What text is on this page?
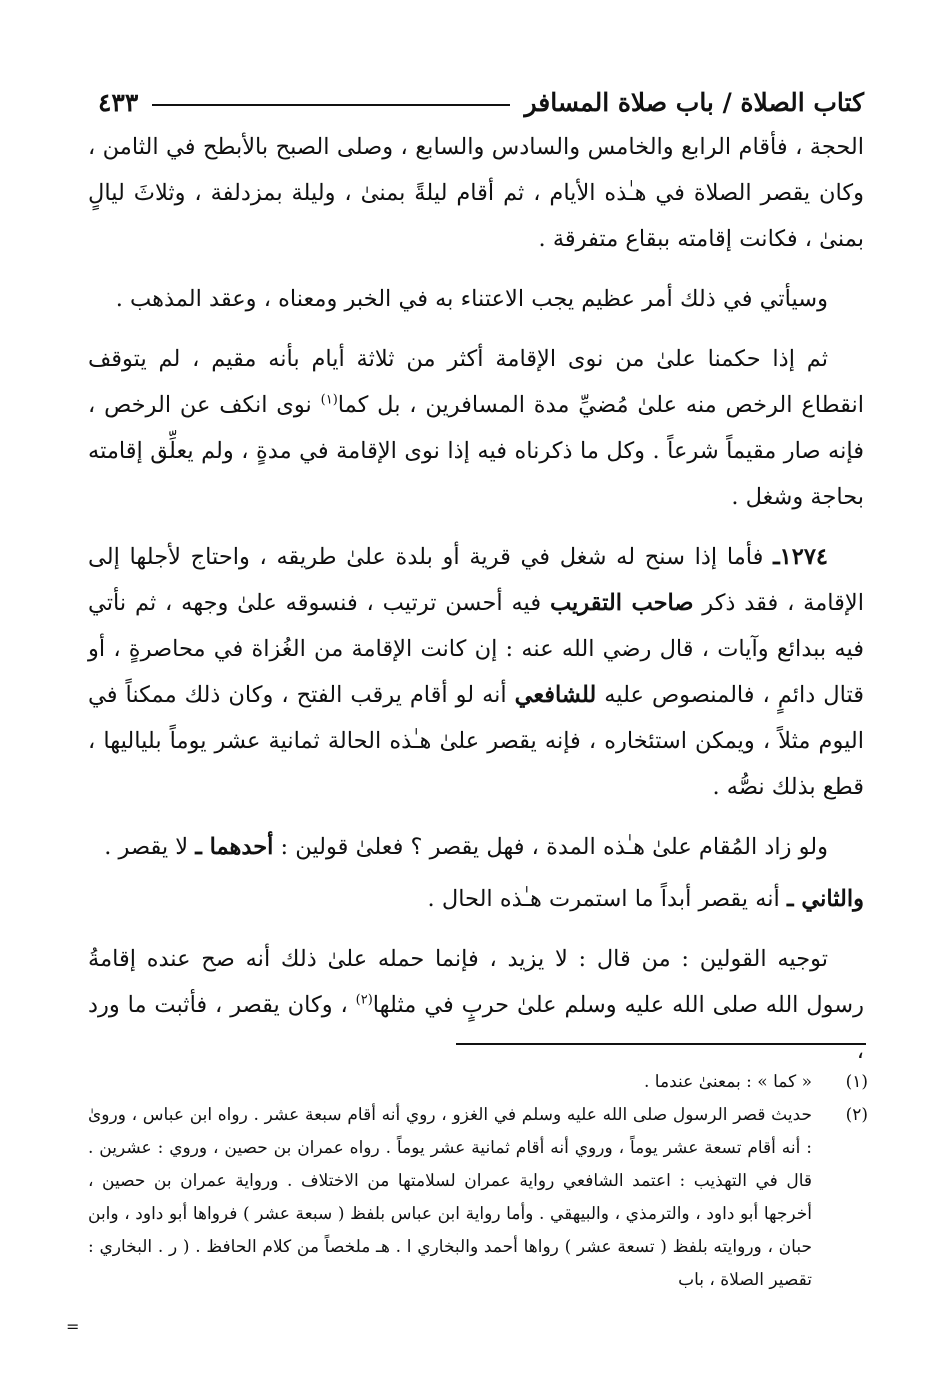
كتاب الصلاة / باب صلاة المسافر
٤٣٣

الحجة ، فأقام الرابع والخامس والسادس والسابع ، وصلى الصبح بالأبطح في الثامن ، وكان يقصر الصلاة في هـٰذه الأيام ، ثم أقام ليلةً بمنىٰ ، وليلة بمزدلفة ، وثلاثَ ليالٍ بمنىٰ ، فكانت إقامته ببقاع متفرقة .

وسيأتي في ذلك أمر عظيم يجب الاعتناء به في الخبر ومعناه ، وعقد المذهب .

ثم إذا حكمنا علىٰ من نوى الإقامة أكثر من ثلاثة أيام بأنه مقيم ، لم يتوقف انقطاع الرخص منه علىٰ مُضيِّ مدة المسافرين ، بل كما$^{(١)}$ نوى انكف عن الرخص ، فإنه صار مقيماً شرعاً . وكل ما ذكرناه فيه إذا نوى الإقامة في مدةٍ ، ولم يعلِّق إقامته بحاجة وشغل .

١٢٧٤ـ فأما إذا سنح له شغل في قرية أو بلدة علىٰ طريقه ، واحتاج لأجلها إلى الإقامة ، فقد ذكر صاحب التقريب فيه أحسن ترتيب ، فنسوقه علىٰ وجهه ، ثم نأتي فيه ببدائع وآيات ، قال رضي الله عنه : إن كانت الإقامة من الغُزاة في محاصرةٍ ، أو قتال دائمٍ ، فالمنصوص عليه للشافعي أنه لو أقام يرقب الفتح ، وكان ذلك ممكناً في اليوم مثلاً ، ويمكن استئخاره ، فإنه يقصر علىٰ هـٰذه الحالة ثمانية عشر يوماً بلياليها ، قطع بذلك نصُّه .

ولو زاد المُقام علىٰ هـٰذه المدة ، فهل يقصر ؟ فعلىٰ قولين : أحدهما ـ لا يقصر .

والثاني ـ أنه يقصر أبداً ما استمرت هـٰذه الحال .

توجيه القولين : من قال : لا يزيد ، فإنما حمله علىٰ ذلك أنه صح عنده إقامةُ رسول الله صلى الله عليه وسلم علىٰ حربٍ في مثلها$^{(٢)}$ ، وكان يقصر ، فأثبت ما ورد ،

(١)
« كما » : بمعنىٰ عندما .
(٢)
حديث قصر الرسول صلى الله عليه وسلم في الغزو ، روي أنه أقام سبعة عشر . رواه ابن عباس ، وروىٰ : أنه أقام تسعة عشر يوماً ، وروي أنه أقام ثمانية عشر يوماً . رواه عمران بن حصين ، وروي : عشرين . قال في التهذيب : اعتمد الشافعي رواية عمران لسلامتها من الاختلاف . ورواية عمران بن حصين ، أخرجها أبو داود ، والترمذي ، والبيهقي . وأما رواية ابن عباس بلفظ ( سبعة عشر ) فرواها أبو داود ، وابن حبان ، وروايته بلفظ ( تسعة عشر ) رواها أحمد والبخاري ا . هـ ملخصاً من كلام الحافظ . ( ر . البخاري : تقصير الصلاة ، باب
=
